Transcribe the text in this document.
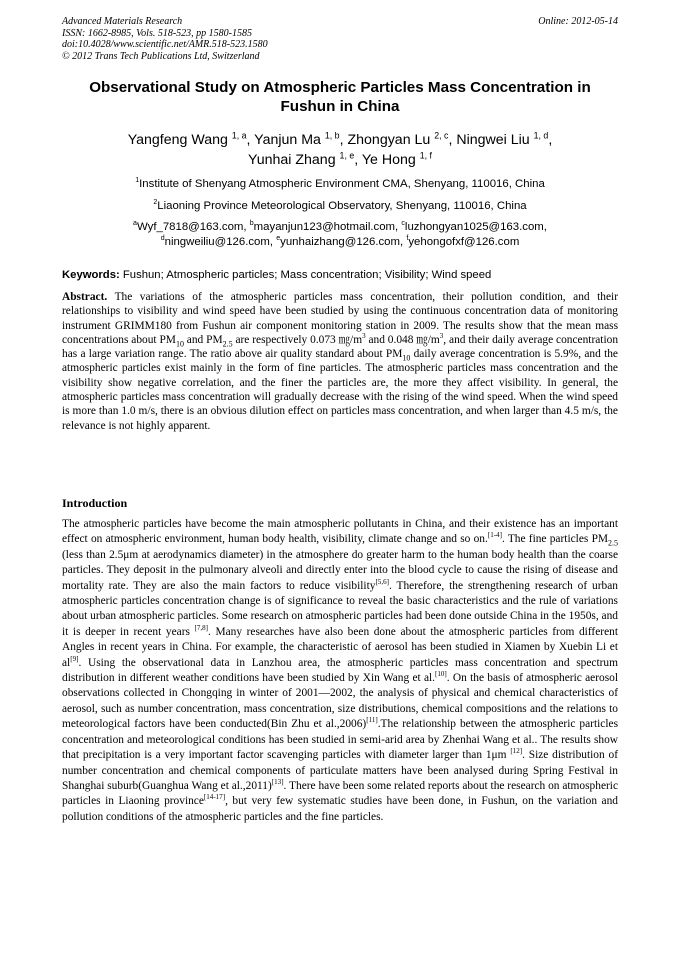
Advanced Materials Research
ISSN: 1662-8985, Vols. 518-523, pp 1580-1585
doi:10.4028/www.scientific.net/AMR.518-523.1580
© 2012 Trans Tech Publications Ltd, Switzerland
Online: 2012-05-14
Observational Study on Atmospheric Particles Mass Concentration in
Fushun in China
Yangfeng Wang $^{1, a}$, Yanjun Ma $^{1, b}$, Zhongyan Lu $^{2, c}$, Ningwei Liu $^{1, d}$,
Yunhai Zhang $^{1, e}$, Ye Hong $^{1, f}$
$^1$Institute of Shenyang Atmospheric Environment CMA, Shenyang, 110016, China
$^2$Liaoning Province Meteorological Observatory, Shenyang, 110016, China
$^a$Wyf_7818@163.com, $^b$mayanjun123@hotmail.com, $^c$luzhongyan1025@163.com,
$^d$ningweiliu@126.com, $^e$yunhaizhang@126.com, $^f$yehongofxf@126.com
Keywords: Fushun; Atmospheric particles; Mass concentration; Visibility; Wind speed
Abstract. The variations of the atmospheric particles mass concentration, their pollution condition, and their relationships to visibility and wind speed have been studied by using the continuous concentration data of monitoring instrument GRIMM180 from Fushun air component monitoring station in 2009. The results show that the mean mass concentrations about $PM_{10}$ and $PM_{2.5}$ are respectively 0.073 ㎎/m$^3$ and 0.048 ㎎/m$^3$, and their daily average concentration has a large variation range. The ratio above air quality standard about $PM_{10}$ daily average concentration is 5.9%, and the atmospheric particles exist mainly in the form of fine particles. The atmospheric particles mass concentration and the visibility show negative correlation, and the finer the particles are, the more they affect visibility. In general, the atmospheric particles mass concentration will gradually decrease with the rising of the wind speed. When the wind speed is more than 1.0 m/s, there is an obvious dilution effect on particles mass concentration, and when larger than 4.5 m/s, the relevance is not highly apparent.
Introduction
The atmospheric particles have become the main atmospheric pollutants in China, and their existence has an important effect on atmospheric environment, human body health, visibility, climate change and so on.[1-4]. The fine particles $PM_{2.5}$ (less than 2.5μm at aerodynamics diameter) in the atmosphere do greater harm to the human body health than the coarse particles. They deposit in the pulmonary alveoli and directly enter into the blood cycle to cause the rising of disease and mortality rate. They are also the main factors to reduce visibility[5,6]. Therefore, the strengthening research of urban atmospheric particles concentration change is of significance to reveal the basic characteristics and the rule of variations about urban atmospheric particles. Some research on atmospheric particles had been done outside China in the 1950s, and it is deeper in recent years [7,8]. Many researches have also been done about the atmospheric particles from different Angles in recent years in China. For example, the characteristic of aerosol has been studied in Xiamen by Xuebin Li et al[9]. Using the observational data in Lanzhou area, the atmospheric particles mass concentration and spectrum distribution in different weather conditions have been studied by Xin Wang et al.[10]. On the basis of atmospheric aerosol observations collected in Chongqing in winter of 2001—2002, the analysis of physical and chemical characteristics of aerosol, such as number concentration, mass concentration, size distributions, chemical compositions and the relations to meteorological factors have been conducted(Bin Zhu et al.,2006)[11].The relationship between the atmospheric particles concentration and meteorological conditions has been studied in semi-arid area by Zhenhai Wang et al.. The results show that precipitation is a very important factor scavenging particles with diameter larger than 1μm [12]. Size distribution of number concentration and chemical components of particulate matters have been analysed during Spring Festival in Shanghai suburb(Guanghua Wang et al.,2011)[13]. There have been some related reports about the research on atmospheric particles in Liaoning province[14-17], but very few systematic studies have been done, in Fushun, on the variation and pollution conditions of the atmospheric particles and the fine particles.
